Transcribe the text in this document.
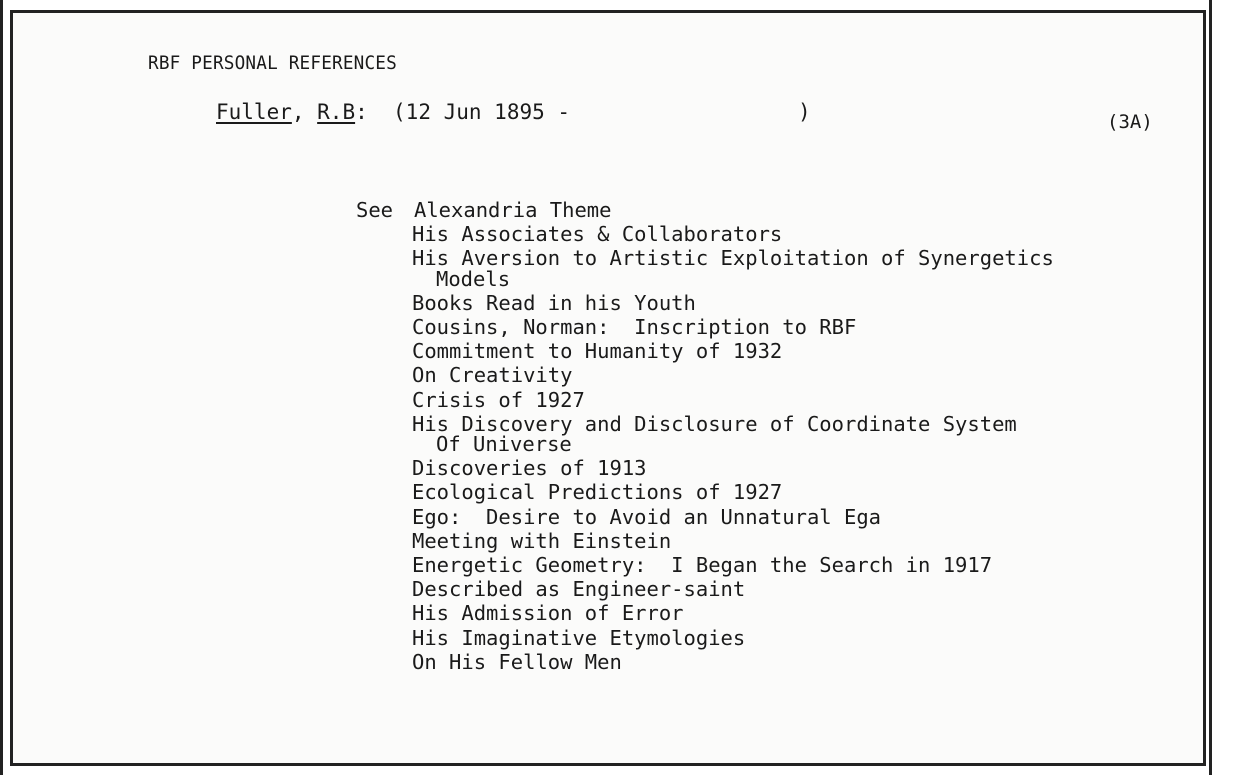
RBF PERSONAL REFERENCES
Fuller, R.B:  (12 Jun 1895 -	)	(3A)
See Alexandria Theme
His Associates & Collaborators
His Aversion to Artistic Exploitation of Synergetics
Models
Books Read in his Youth
Cousins, Norman:  Inscription to RBF
Commitment to Humanity of 1932
On Creativity
Crisis of 1927
His Discovery and Disclosure of Coordinate System
Of Universe
Discoveries of 1913
Ecological Predictions of 1927
Ego:  Desire to Avoid an Unnatural Ega
Meeting with Einstein
Energetic Geometry:  I Began the Search in 1917
Described as Engineer-saint
His Admission of Error
His Imaginative Etymologies
On His Fellow Men
